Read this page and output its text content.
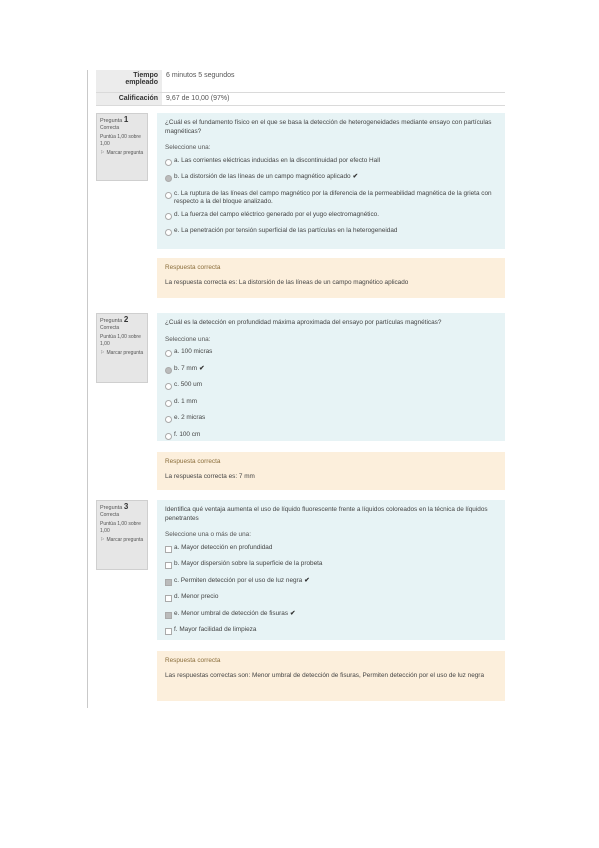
Tiempo empleado
6 minutos 5 segundos
Calificación	9,67 de 10,00 (97%)
Pregunta 1
Correcta
Puntúa 1,00 sobre 1,00
⚐ Marcar pregunta

¿Cuál es el fundamento físico en el que se basa la detección de heterogeneidades mediante ensayo con partículas magnéticas?

Seleccione una:

a. Las corrientes eléctricas inducidas en la discontinuidad por efecto Hall
b. La distorsión de las líneas de un campo magnético aplicado ✔
c. La ruptura de las líneas del campo magnético por la diferencia de la permeabilidad magnética de la grieta con respecto a la del bloque analizado.
d. La fuerza del campo eléctrico generado por el yugo electromagnético.
e. La penetración por tensión superficial de las partículas en la heterogeneidad
Respuesta correcta
La respuesta correcta es: La distorsión de las líneas de un campo magnético aplicado
Pregunta 2
Correcta
Puntúa 1,00 sobre 1,00
⚐ Marcar pregunta

¿Cuál es la detección en profundidad máxima aproximada del ensayo por partículas magnéticas?

Seleccione una:

a. 100 micras
b. 7 mm ✔
c. 500 um
d. 1 mm
e. 2 micras
f. 100 cm
Respuesta correcta
La respuesta correcta es: 7 mm
Pregunta 3
Correcta
Puntúa 1,00 sobre 1,00
⚐ Marcar pregunta

Identifica qué ventaja aumenta el uso de líquido fluorescente frente a líquidos coloreados en la técnica de líquidos penetrantes

Seleccione una o más de una:

a. Mayor detección en profundidad
b. Mayor dispersión sobre la superficie de la probeta
c. Permiten detección por el uso de luz negra ✔
d. Menor precio
e. Menor umbral de detección de fisuras ✔
f. Mayor facilidad de limpieza
Respuesta correcta
Las respuestas correctas son: Menor umbral de detección de fisuras, Permiten detección por el uso de luz negra
